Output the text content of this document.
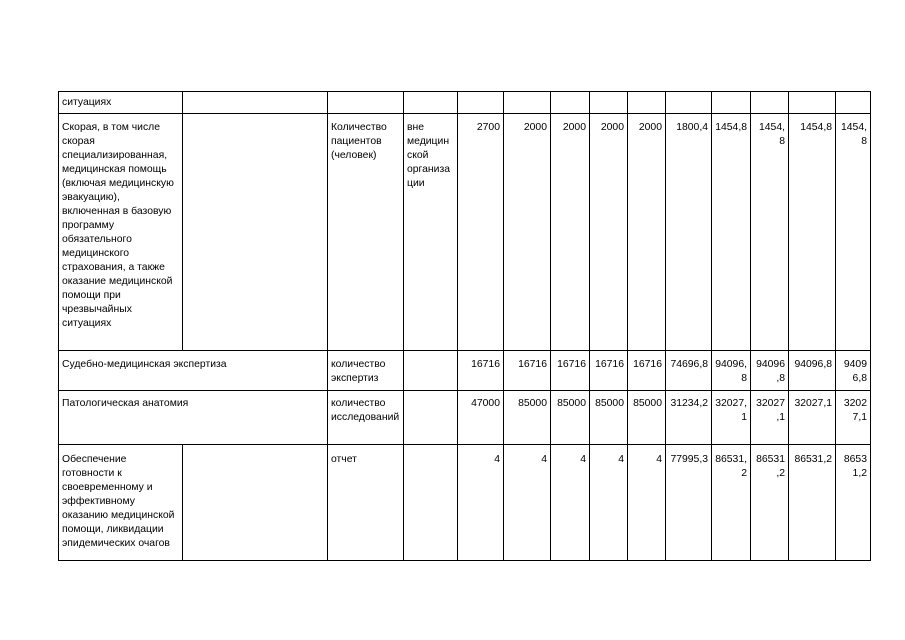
ситуациях													
Скорая, в том числе скорая специализированная, медицинская помощь (включая медицинскую эвакуацию), включенная в базовую программу обязательного медицинского страхования, а также оказание медицинской помощи при чрезвычайных ситуациях		Количество пациентов (человек)	вне медицинской организации	2700	2000	2000	2000	2000	1800,4	1454,8	1454,8	1454,8	1454,8
Судебно-медицинская экспертиза		количество экспертиз		16716	16716	16716	16716	16716	74696,8	94096,8	94096,8	94096,8	94096,8
Патологическая анатомия		количество исследований		47000	85000	85000	85000	85000	31234,2	32027,1	32027,1	32027,1	32027,1
Обеспечение готовности к своевременному и эффективному оказанию медицинской помощи, ликвидации эпидемических очагов		отчет		4	4	4	4	4	77995,3	86531,2	86531,2	86531,2	86531,2
